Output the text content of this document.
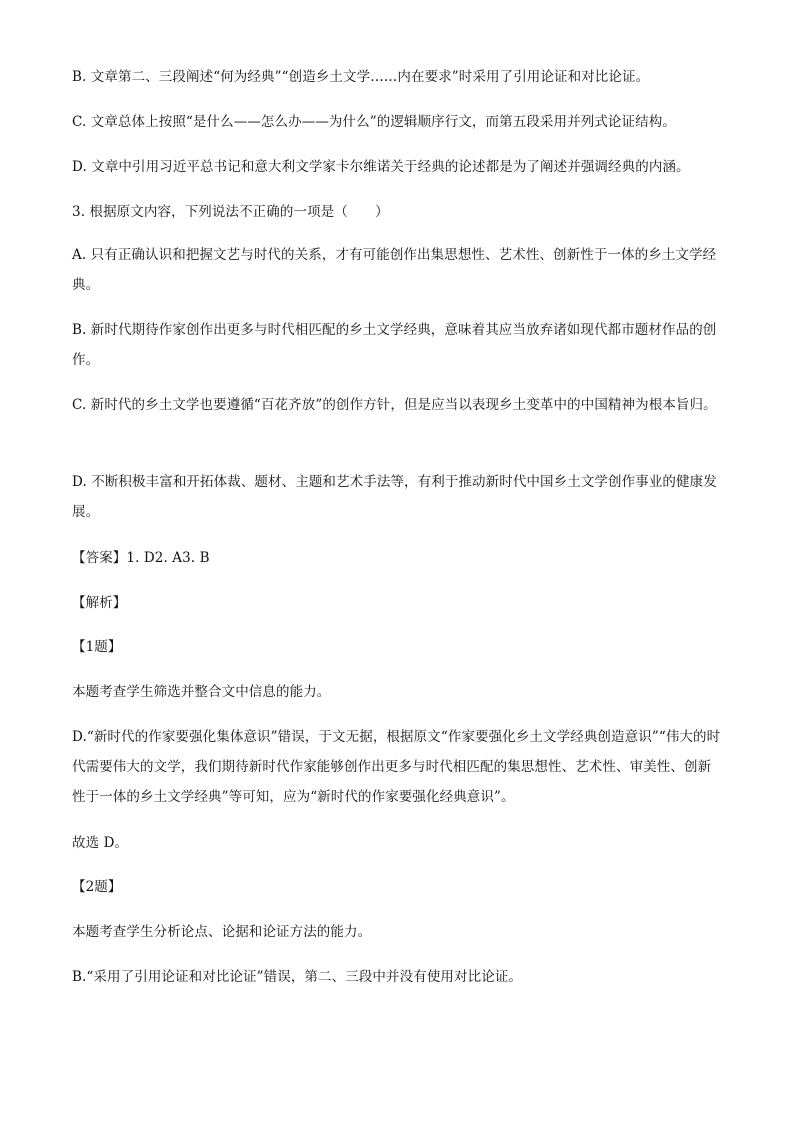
B. 文章第二、三段阐述“何为经典”“创造乡土文学……内在要求”时采用了引用论证和对比论证。
C. 文章总体上按照“是什么——怎么办——为什么”的逻辑顺序行文，而第五段采用并列式论证结构。
D. 文章中引用习近平总书记和意大利文学家卡尔维诺关于经典的论述都是为了阐述并强调经典的内涵。
3. 根据原文内容，下列说法不正确的一项是（　　）
A. 只有正确认识和把握文艺与时代的关系，才有可能创作出集思想性、艺术性、创新性于一体的乡土文学经典。
B. 新时代期待作家创作出更多与时代相匹配的乡土文学经典，意味着其应当放弃诸如现代都市题材作品的创作。
C. 新时代的乡土文学也要遵循“百花齐放”的创作方针，但是应当以表现乡土变革中的中国精神为根本旨归。
D. 不断积极丰富和开拓体裁、题材、主题和艺术手法等，有利于推动新时代中国乡土文学创作事业的健康发展。
【答案】1. D2. A3. B
【解析】
【1题】
本题考查学生筛选并整合文中信息的能力。
D.“新时代的作家要强化集体意识”错误，于文无据，根据原文“作家要强化乡土文学经典创造意识”“伟大的时代需要伟大的文学，我们期待新时代作家能够创作出更多与时代相匹配的集思想性、艺术性、审美性、创新性于一体的乡土文学经典”等可知，应为“新时代的作家要强化经典意识”。
故选 D。
【2题】
本题考查学生分析论点、论据和论证方法的能力。
B.“采用了引用论证和对比论证”错误，第二、三段中并没有使用对比论证。
